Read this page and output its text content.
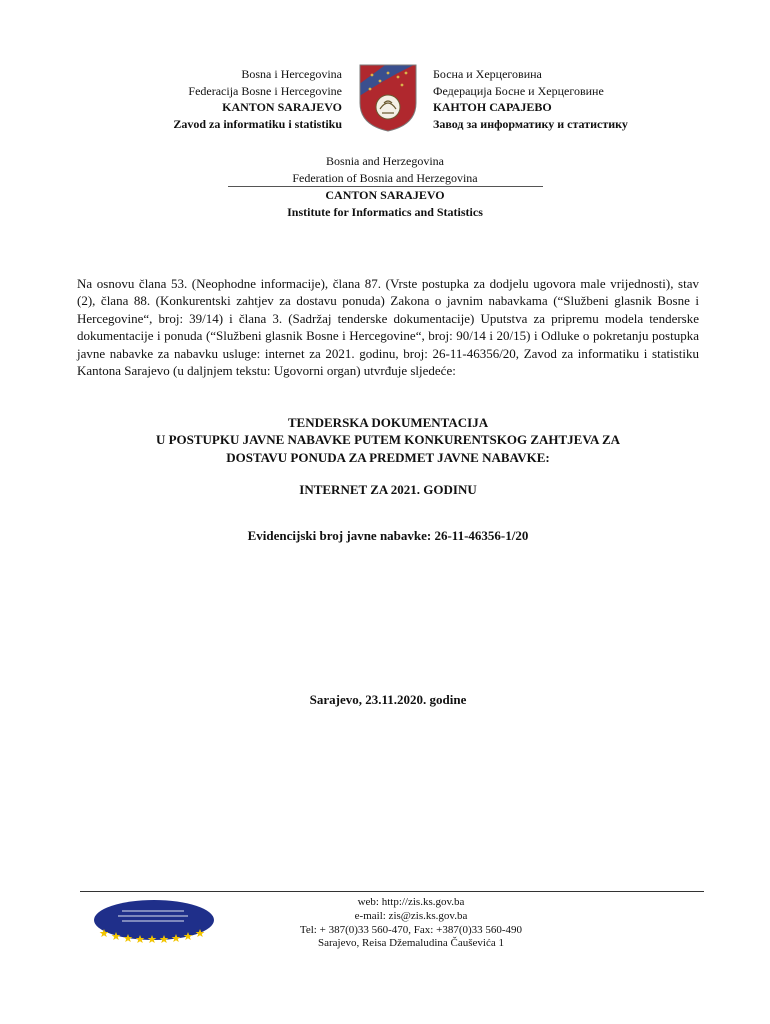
Bosna i Hercegovina
Federacija Bosne i Hercegovine
KANTON SARAJEVO
Zavod za informatiku i statistiku
Босна и Херцеговина
Федерација Босне и Херцеговине
КАНТОН САРАЈЕВО
Завод за информатику и статистику
Bosnia and Herzegovina
Federation of Bosnia and Herzegovina
CANTON SARAJEVO
Institute for Informatics and Statistics
Na osnovu člana 53. (Neophodne informacije), člana 87. (Vrste postupka za dodjelu ugovora male vrijednosti), stav (2), člana 88. (Konkurentski zahtjev za dostavu ponuda) Zakona o javnim nabavkama (“Službeni glasnik Bosne i Hercegovine“, broj: 39/14) i člana 3. (Sadržaj tenderske dokumentacije) Uputstva za pripremu modela tenderske dokumentacije i ponuda (“Službeni glasnik Bosne i Hercegovine“, broj: 90/14 i 20/15) i Odluke o pokretanju postupka javne nabavke za nabavku usluge: internet za 2021. godinu, broj: 26-11-46356/20, Zavod za informatiku i statistiku Kantona Sarajevo (u daljnjem tekstu: Ugovorni organ) utvrđuje sljedeće:
TENDERSKA DOKUMENTACIJA
U POSTUPKU JAVNE NABAVKE PUTEM KONKURENTSKOG ZAHTJEVA ZA
DOSTAVU PONUDA ZA PREDMET JAVNE NABAVKE:
INTERNET ZA 2021. GODINU
Evidencijski broj javne nabavke: 26-11-46356-1/20
Sarajevo, 23.11.2020. godine
web: http://zis.ks.gov.ba
e-mail: zis@zis.ks.gov.ba
Tel: + 387(0)33 560-470, Fax: +387(0)33 560-490
Sarajevo, Reisa Džemaludina Čauševića 1
